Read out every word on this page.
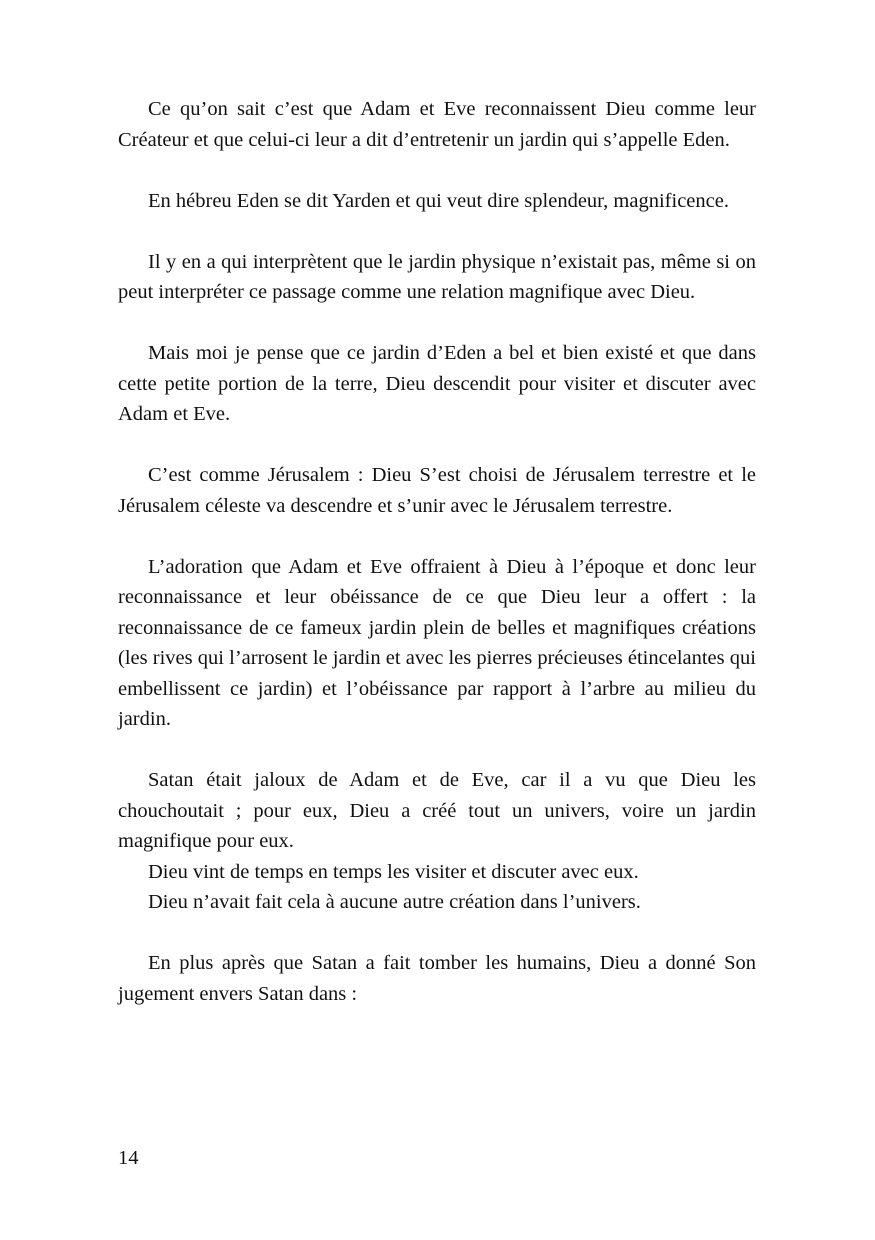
Ce qu’on sait c’est que Adam et Eve reconnaissent Dieu comme leur Créateur et que celui-ci leur a dit d’entretenir un jardin qui s’appelle Eden.

En hébreu Eden se dit Yarden et qui veut dire splendeur, magnificence.

Il y en a qui interprètent que le jardin physique n’existait pas, même si on peut interpréter ce passage comme une relation magnifique avec Dieu.

Mais moi je pense que ce jardin d’Eden a bel et bien existé et que dans cette petite portion de la terre, Dieu descendit pour visiter et discuter avec Adam et Eve.

C’est comme Jérusalem : Dieu S’est choisi de Jérusalem terrestre et le Jérusalem céleste va descendre et s’unir avec le Jérusalem terrestre.

L’adoration que Adam et Eve offraient à Dieu à l’époque et donc leur reconnaissance et leur obéissance de ce que Dieu leur a offert : la reconnaissance de ce fameux jardin plein de belles et magnifiques créations (les rives qui l’arrosent le jardin et avec les pierres précieuses étincelantes qui embellissent ce jardin) et l’obéissance par rapport à l’arbre au milieu du jardin.

Satan était jaloux de Adam et de Eve, car il a vu que Dieu les chouchoutait ; pour eux, Dieu a créé tout un univers, voire un jardin magnifique pour eux.

Dieu vint de temps en temps les visiter et discuter avec eux.

Dieu n’avait fait cela à aucune autre création dans l’univers.

En plus après que Satan a fait tomber les humains, Dieu a donné Son jugement envers Satan dans :

14
